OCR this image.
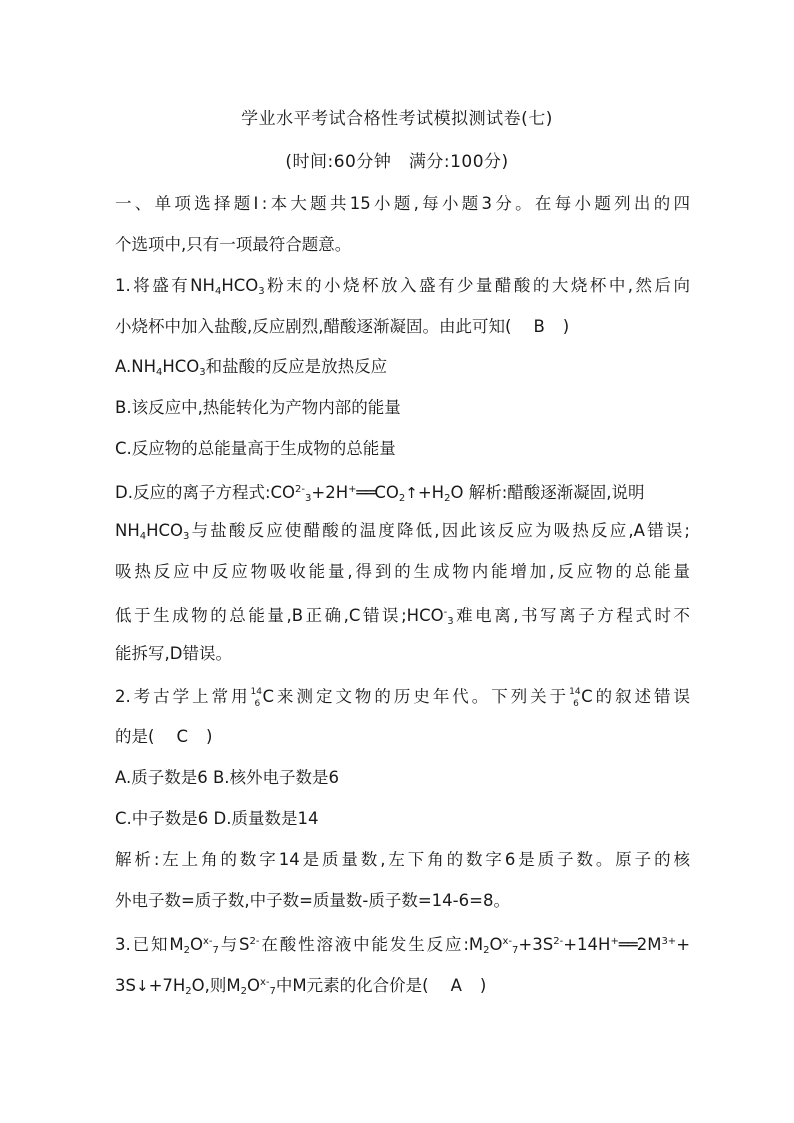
学业水平考试合格性考试模拟测试卷(七)
(时间:60分钟　满分:100分)
一、单项选择题Ⅰ:本大题共15小题,每小题3分。在每小题列出的四
个选项中,只有一项最符合题意。
1.将盛有$NH_4HCO_3$粉末的小烧杯放入盛有少量醋酸的大烧杯中,然后向
小烧杯中加入盐酸,反应剧烈,醋酸逐渐凝固。由此可知( B )
$A.NH_4HCO_3$和盐酸的反应是放热反应
B.该反应中,热能转化为产物内部的能量
C.反应物的总能量高于生成物的总能量
D.反应的离子方程式$:CO^{2-}_3+2H^+══CO_2↑+H_2O$ 解析:醋酸逐渐凝固,说明
$NH_4HCO_3$与盐酸反应使醋酸的温度降低,因此该反应为吸热反应,A错误;
吸热反应中反应物吸收能量,得到的生成物内能增加,反应物的总能量
低于生成物的总能量,B正确,C错误$;HCO^-_3$难电离,书写离子方程式时不
能拆写,D错误。
2.考古学上常用 14
6 C来测定文物的历史年代。下列关于 14
6 C的叙述错误
的是( C )
A.质子数是6 B.核外电子数是6
C.中子数是6 D.质量数是14
解析:左上角的数字14是质量数,左下角的数字6是质子数。原子的核
外电子数=质子数,中子数=质量数-质子数=14-6=8。
3.已知$M_2O^{x-}_7$与$S^{2-}$在酸性溶液中能发生反应$:M_2O^{x-}_7+3S^{2-}+14H^+══2M^{3+}+$
$3S↓+7H_2O$,则$M_2O^{x-}_7$中M元素的化合价是( A )
